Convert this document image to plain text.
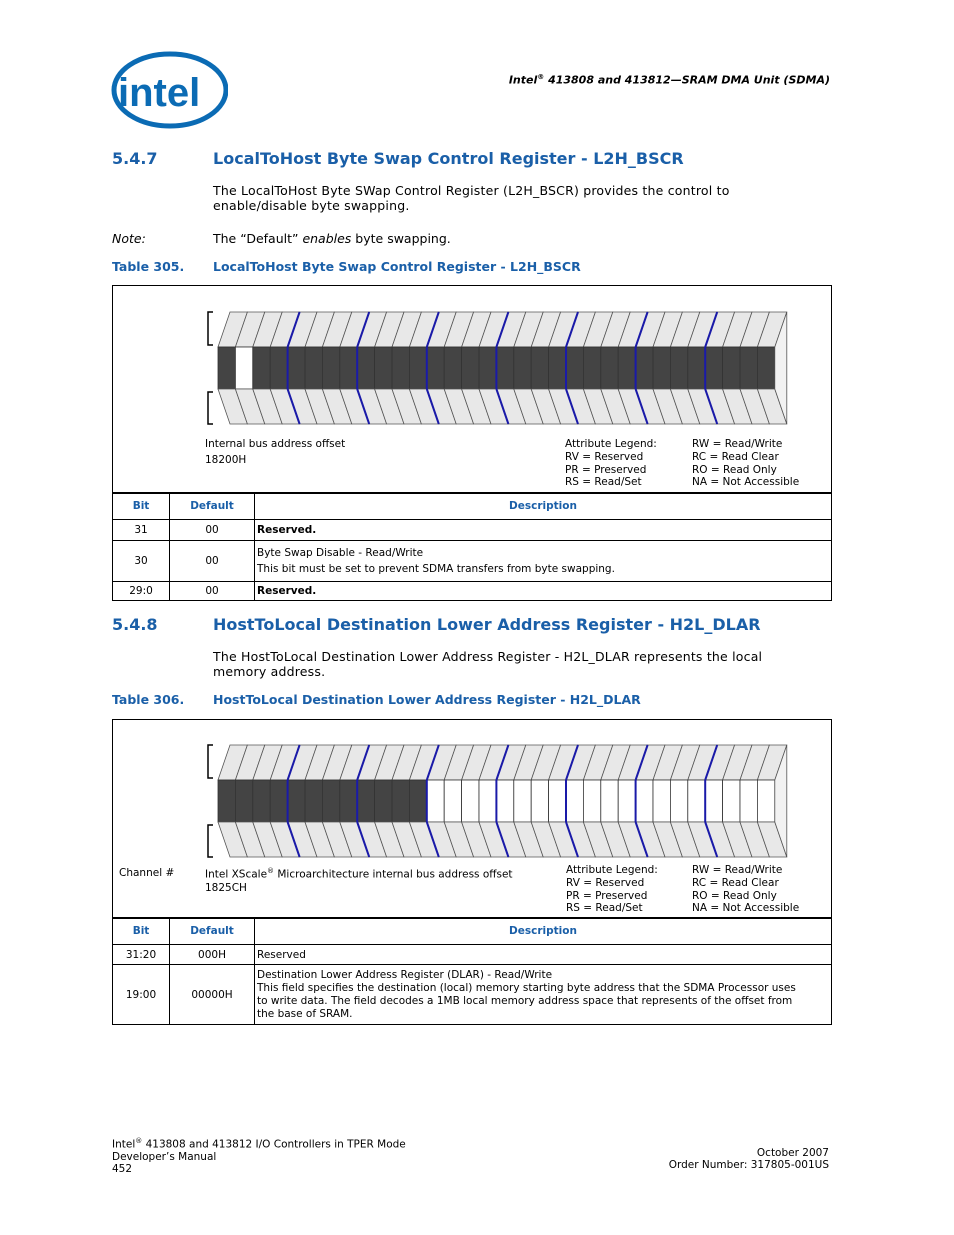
intel	Intel® 413808 and 413812—SRAM DMA Unit (SDMA)
5.4.7	LocalToHost Byte Swap Control Register - L2H_BSCR
The LocalToHost Byte SWap Control Register (L2H_BSCR) provides the control to
enable/disable byte swapping.
Note:	The “Default” enables byte swapping.
Table 305. LocalToHost Byte Swap Control Register - L2H_BSCR
Internal bus address offset
18200H
Attribute Legend:
RV = Reserved
PR = Preserved
RS = Read/Set
RW = Read/Write
RC = Read Clear
RO = Read Only
NA = Not Accessible
Bit	Default	Description
31	00	Reserved.
30	00	Byte Swap Disable - Read/Write
This bit must be set to prevent SDMA transfers from byte swapping.

29:0	00	Reserved.
5.4.8	HostToLocal Destination Lower Address Register - H2L_DLAR
The HostToLocal Destination Lower Address Register - H2L_DLAR represents the local
memory address.
Table 306. HostToLocal Destination Lower Address Register - H2L_DLAR
Channel #	Intel XScale® Microarchitecture internal bus address offset
1825CH
Attribute Legend:
RV = Reserved
PR = Preserved
RS = Read/Set
RW = Read/Write
RC = Read Clear
RO = Read Only
NA = Not Accessible
Bit	Default	Description
31:20	000H	Reserved
19:00	00000H	Destination Lower Address Register (DLAR) - Read/Write
This field specifies the destination (local) memory starting byte address that the SDMA Processor uses
to write data. The field decodes a 1MB local memory address space that represents of the offset from
the base of SRAM.
Intel® 413808 and 413812 I/O Controllers in TPER Mode
Developer’s Manual
452
October 2007
Order Number: 317805-001US
